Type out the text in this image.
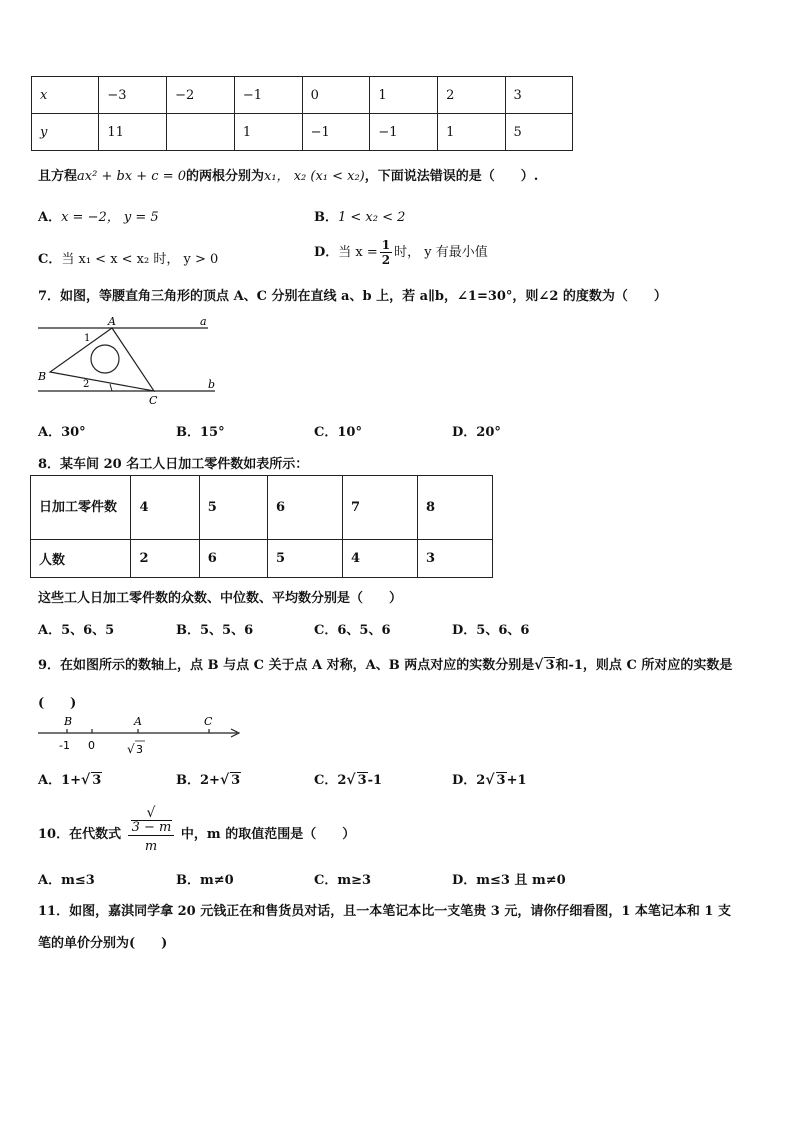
x	−3	−2	−1	0	1	2	3
y	11		1	−1	−1	1	5
且方程ax² + bx + c = 0的两根分别为x₁， x₂ (x₁ < x₂)，下面说法错误的是（　　）.
A．x = −2， y = 5	B．1 < x₂ < 2
C．当 x₁ < x < x₂ 时， y > 0	D．当 $x = \frac{1}{2}$ 时， y 有最小值
7．如图，等腰直角三角形的顶点 A、C 分别在直线 a、b 上，若 a∥b，∠1=30°，则∠2 的度数为（　　）
A
B
C
a
b
1
2
A．30°	B．15°	C．10°	D．20°
8．某车间 20 名工人日加工零件数如表所示：
日加工零件数	4	5	6	7	8
人数	2	6	5	4	3
这些工人日加工零件数的众数、中位数、平均数分别是（　　）
A．5、6、5	B．5、5、6	C．6、5、6	D．5、6、6
9．在如图所示的数轴上，点 B 与点 C 关于点 A 对称，A、B 两点对应的实数分别是√ 3和-1，则点 C 所对应的实数是
(　　)
B	A	C
-1 0	√ 3
A．1+√ 3	B．2+√ 3	C．2√ 3-1	D．2√ 3+1
10．在代数式 √
3 − m
m 中，m 的取值范围是（　　）
A．m≤3	B．m≠0	C．m≥3	D．m≤3 且 m≠0
11．如图，嘉淇同学拿 20 元钱正在和售货员对话，且一本笔记本比一支笔贵 3 元，请你仔细看图，1 本笔记本和 1 支
笔的单价分别为(　　)
